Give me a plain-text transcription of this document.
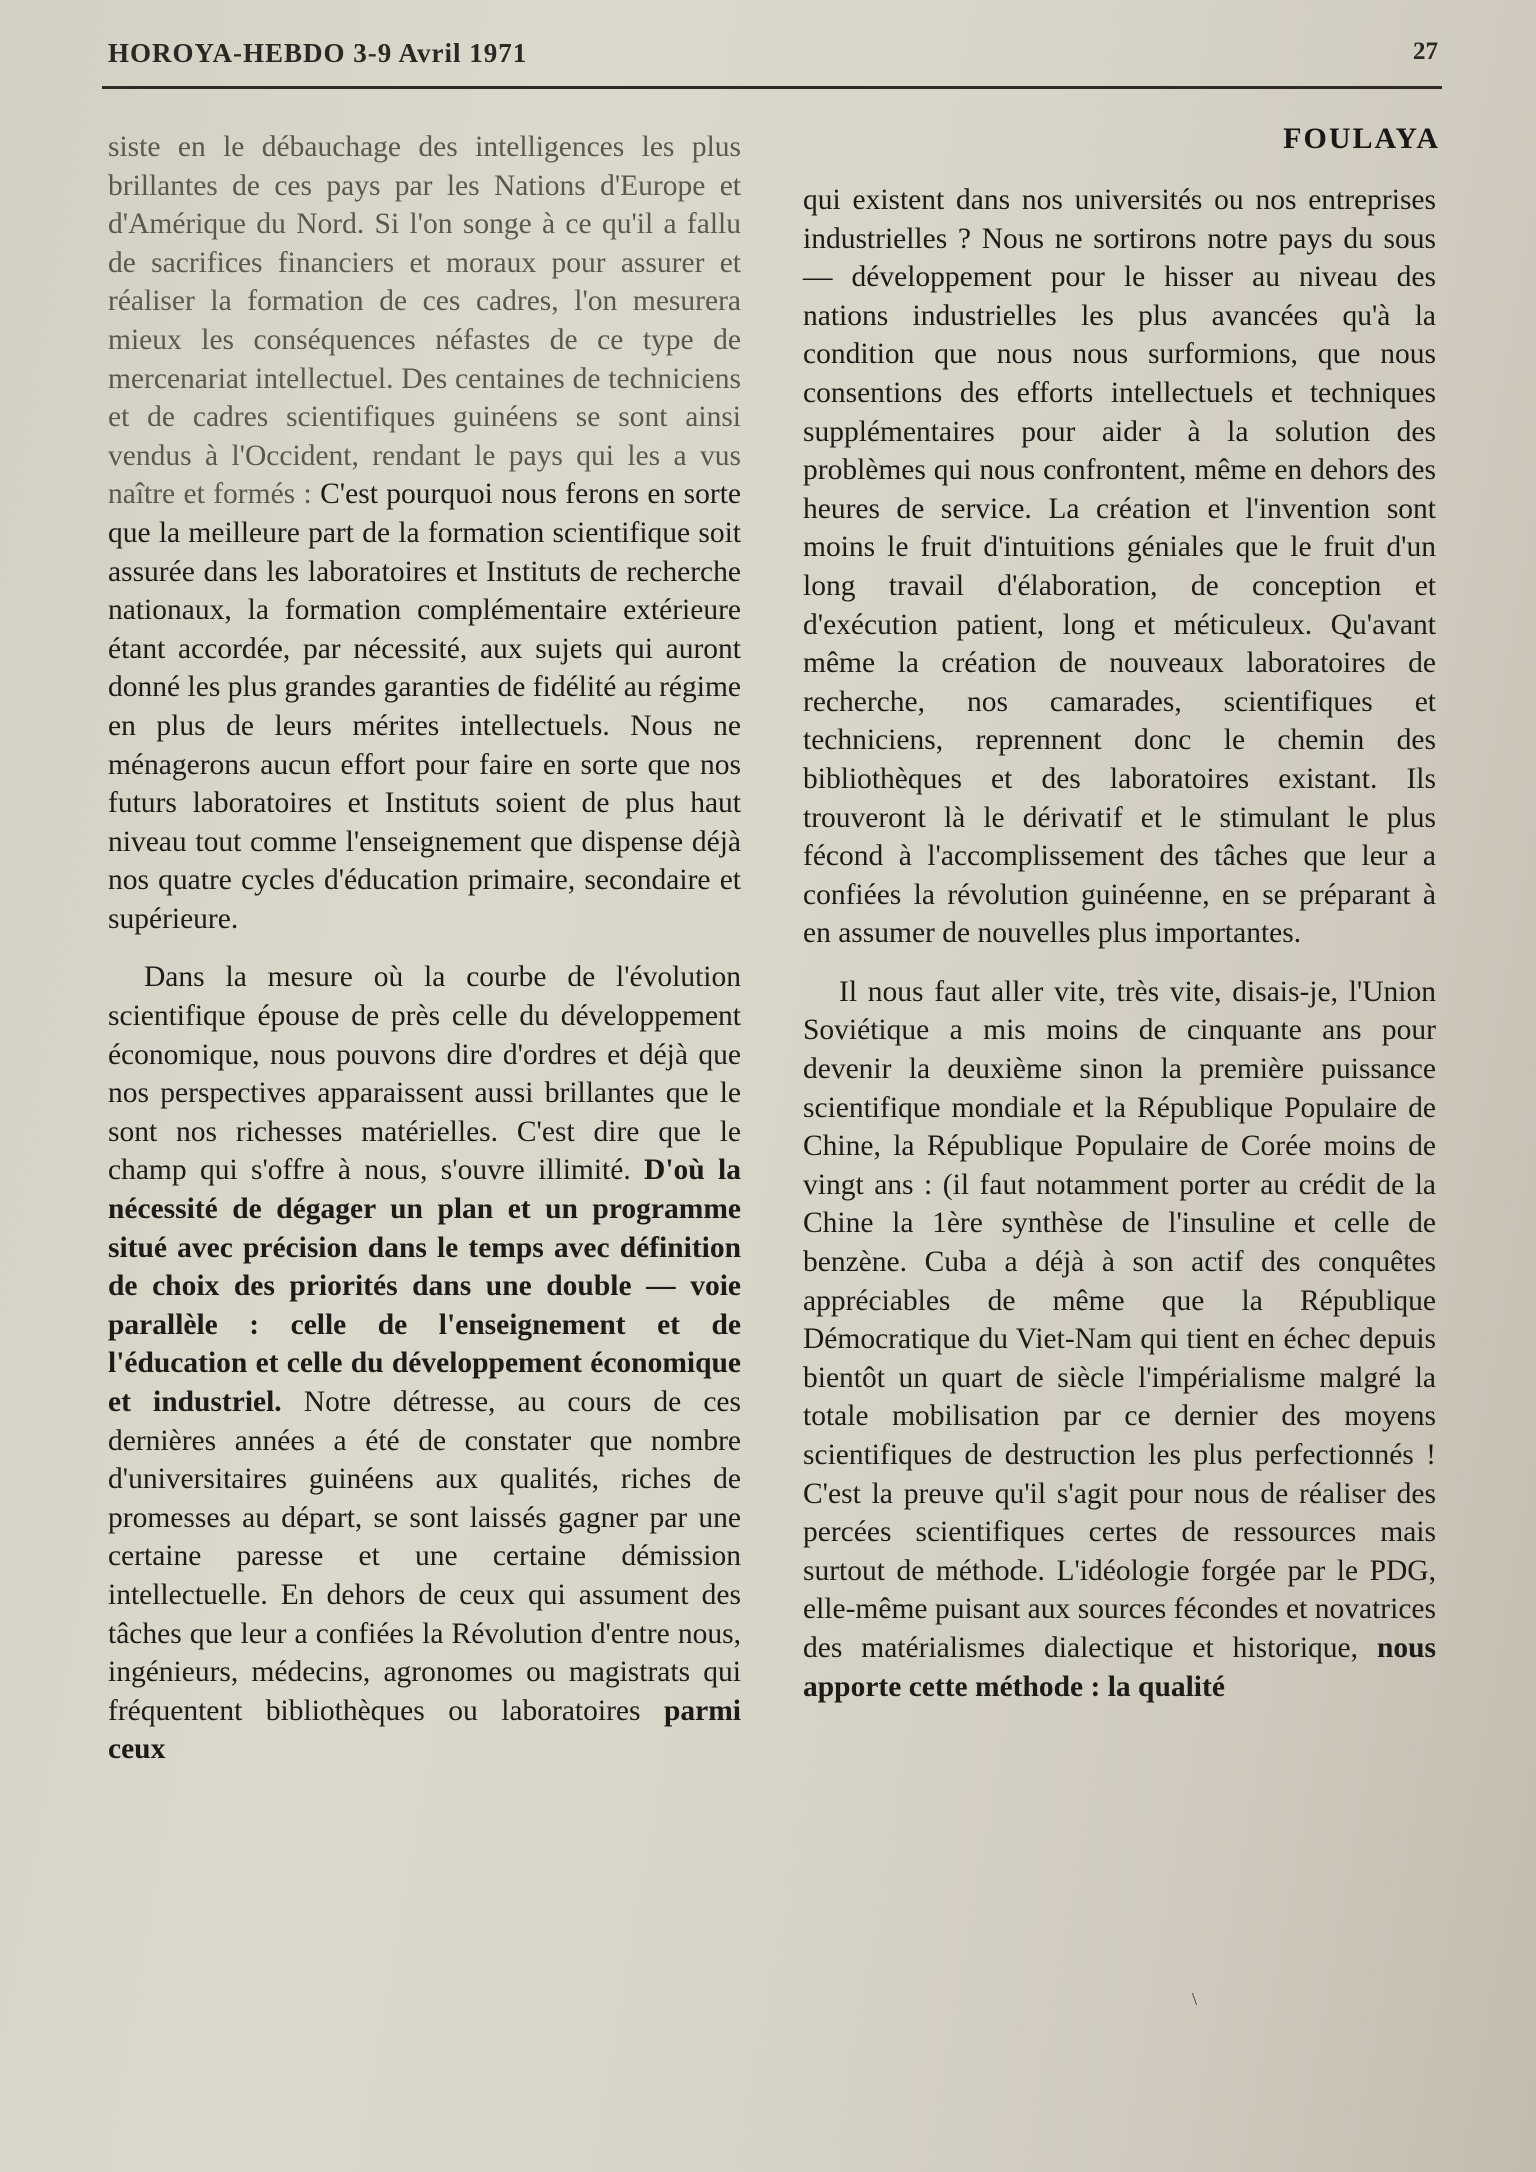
HOROYA-HEBDO 3-9 Avril 1971	27
FOULAYA

siste en le débauchage des intelligences les plus brillantes de ces pays par les Nations d'Europe et d'Amérique du Nord. Si l'on songe à ce qu'il a fallu de sacrifices financiers et moraux pour assurer et réaliser la formation de ces cadres, l'on mesurera mieux les conséquences néfastes de ce type de mercenariat intellectuel. Des centaines de techniciens et de cadres scientifiques guinéens se sont ainsi vendus à l'Occident, rendant le pays qui les a vus naître et formés : C'est pourquoi nous ferons en sorte que la meilleure part de la formation scientifique soit assurée dans les laboratoires et Instituts de recherche nationaux, la formation complémentaire extérieure étant accordée, par nécessité, aux sujets qui auront donné les plus grandes garanties de fidélité au régime en plus de leurs mérites intellectuels. Nous ne ménagerons aucun effort pour faire en sorte que nos futurs laboratoires et Instituts soient de plus haut niveau tout comme l'enseignement que dispense déjà nos quatre cycles d'éducation primaire, secondaire et supérieure.

Dans la mesure où la courbe de l'évolution scientifique épouse de près celle du développement économique, nous pouvons dire d'ordres et déjà que nos perspectives apparaissent aussi brillantes que le sont nos richesses matérielles. C'est dire que le champ qui s'offre à nous, s'ouvre illimité. D'où la nécessité de dégager un plan et un programme situé avec précision dans le temps avec définition de choix des priorités dans une double — voie parallèle : celle de l'enseignement et de l'éducation et celle du développement économique et industriel. Notre détresse, au cours de ces dernières années a été de constater que nombre d'universitaires guinéens aux qualités, riches de promesses au départ, se sont laissés gagner par une certaine paresse et une certaine démission intellectuelle. En dehors de ceux qui assument des tâches que leur a confiées la Révolution d'entre nous, ingénieurs, médecins, agronomes ou magistrats qui fréquentent bibliothèques ou laboratoires parmi ceux

qui existent dans nos universités ou nos entreprises industrielles ? Nous ne sortirons notre pays du sous — développement pour le hisser au niveau des nations industrielles les plus avancées qu'à la condition que nous nous surformions, que nous consentions des efforts intellectuels et techniques supplémentaires pour aider à la solution des problèmes qui nous confrontent, même en dehors des heures de service. La création et l'invention sont moins le fruit d'intuitions géniales que le fruit d'un long travail d'élaboration, de conception et d'exécution patient, long et méticuleux. Qu'avant même la création de nouveaux laboratoires de recherche, nos camarades, scientifiques et techniciens, reprennent donc le chemin des bibliothèques et des laboratoires existant. Ils trouveront là le dérivatif et le stimulant le plus fécond à l'accomplissement des tâches que leur a confiées la révolution guinéenne, en se préparant à en assumer de nouvelles plus importantes.

Il nous faut aller vite, très vite, disais-je, l'Union Soviétique a mis moins de cinquante ans pour devenir la deuxième sinon la première puissance scientifique mondiale et la République Populaire de Chine, la République Populaire de Corée moins de vingt ans : (il faut notamment porter au crédit de la Chine la 1ère synthèse de l'insuline et celle de benzène. Cuba a déjà à son actif des conquêtes appréciables de même que la République Démocratique du Viet-Nam qui tient en échec depuis bientôt un quart de siècle l'impérialisme malgré la totale mobilisation par ce dernier des moyens scientifiques de destruction les plus perfectionnés ! C'est la preuve qu'il s'agit pour nous de réaliser des percées scientifiques certes de ressources mais surtout de méthode. L'idéologie forgée par le PDG, elle-même puisant aux sources fécondes et novatrices des matérialismes dialectique et historique, nous apporte cette méthode : la qualité

\
